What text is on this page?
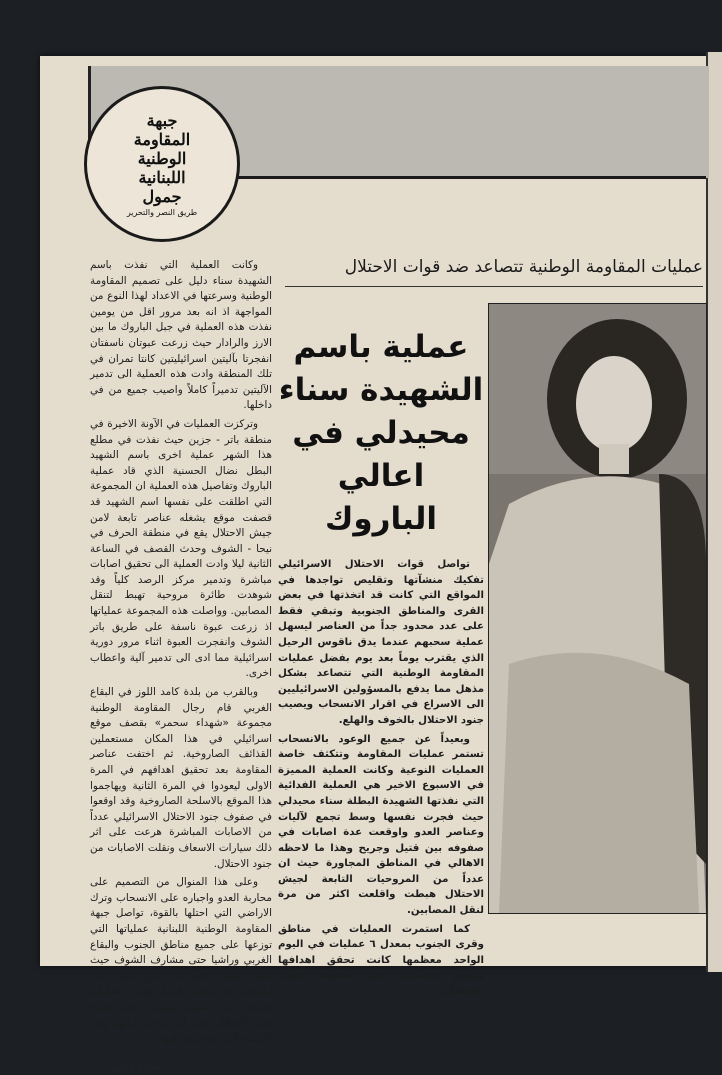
جبهة
المقاومة
الوطنية
اللبنانية
جمول
طريق النصر والتحرير
عمليات المقاومة الوطنية تتصاعد ضد قوات الاحتلال
عملية باسم الشهيدة سناء محيدلي في اعالي الباروك

تواصل قوات الاحتلال الاسرائيلي تفكيك منشآتها وتقليص تواجدها في المواقع التي كانت قد اتخذتها في بعض القرى والمناطق الجنوبية وتبقي فقط على عدد محدود جداً من العناصر ليسهل عملية سحبهم عندما يدق ناقوس الرحيل الذي يقترب يوماً بعد يوم بفضل عمليات المقاومة الوطنية التي تتصاعد بشكل مذهل مما يدفع بالمسؤولين الاسرائيليين الى الاسراع في اقرار الانسحاب ويصيب جنود الاحتلال بالخوف والهلع.

وبعيداً عن جميع الوعود بالانسحاب تستمر عمليات المقاومة وتتكثف خاصة العمليات النوعية وكانت العملية المميزة في الاسبوع الاخير هي العملية الفدائية التي نفذتها الشهيدة البطلة سناء محيدلي حيث فجرت نفسها وسط تجمع لآليات وعناصر العدو واوقعت عدة اصابات في صفوفه بين قتيل وجريح وهذا ما لاحظه الاهالي في المناطق المجاورة حيث ان عدداً من المروحيات التابعة لجيش الاحتلال هبطت واقلعت اكثر من مرة لنقل المصابين.

كما استمرت العمليات في مناطق وقرى الجنوب بمعدل ٦ عمليات في اليوم الواحد معظمها كانت تحقق اهدافها وتوقع الاصابات في صفوف قوات الاحتلال.

وكانت العملية التي نفذت باسم الشهيدة سناء دليل على تصميم المقاومة الوطنية وسرعتها في الاعداد لهذا النوع من المواجهة اذ انه بعد مرور اقل من يومين نفذت هذه العملية في جبل الباروك ما بين الارز والرادار حيث زرعت عبوتان ناسفتان انفجرتا بآليتين اسرائيليتين كانتا تمران في تلك المنطقة وادت هذه العملية الى تدمير الآليتين تدميراً كاملاً واصيب جميع من في داخلها.

وتركزت العمليات في الآونة الاخيرة في منطقة باتر - جزين حيث نفذت في مطلع هذا الشهر عملية اخرى باسم الشهيد البطل نضال الحسنية الذي قاد عملية الباروك وتفاصيل هذه العملية ان المجموعة التي اطلقت على نفسها اسم الشهيد قد قصفت موقع يشغله عناصر تابعة لامن جيش الاحتلال يقع في منطقة الحرف في نيحا - الشوف وحدث القصف في الساعة الثانية ليلا وادت العملية الى تحقيق اصابات مباشرة وتدمير مركز الرصد كلياً وقد شوهدت طائرة مروحية تهبط لتنقل المصابين. وواصلت هذه المجموعة عملياتها اذ زرعت عبوة ناسفة على طريق باتر الشوف وانفجرت العبوة اثناء مرور دورية اسرائيلية مما ادى الى تدمير آلية واعطاب اخرى.

وبالقرب من بلدة كامد اللوز في البقاع الغربي قام رجال المقاومة الوطنية مجموعة «شهداء سحمر» بقصف موقع اسرائيلي في هذا المكان مستعملين القذائف الصاروخية. ثم اختفت عناصر المقاومة بعد تحقيق اهدافهم في المرة الاولى ليعودوا في المرة الثانية ويهاجموا هذا الموقع بالاسلحة الصاروخية وقد اوقعوا في صفوف جنود الاحتلال الاسرائيلي عدداً من الاصابات المباشرة هرعت على اثر ذلك سيارات الاسعاف ونقلت الاصابات من جنود الاحتلال.

وعلى هذا المنوال من التصميم على محاربة العدو واجباره على الانسحاب وترك الاراضي التي احتلها بالقوة، تواصل جبهة المقاومة الوطنية اللبنانية عملياتها التي توزعها على جميع مناطق الجنوب والبقاع الغربي وراشيا حتى مشارف الشوف حيث تظهر بعض الاجراءات التي تشير الى انسحاب قد يحصل قريباً. وهذه العمليات تساعد على تسريع الهروب بعدما اصبح جنود الاحتلال مجرد اسرى في آلياتهم وفي الامكنة التي يتواجدون فيها.

صباح الخير - 23
